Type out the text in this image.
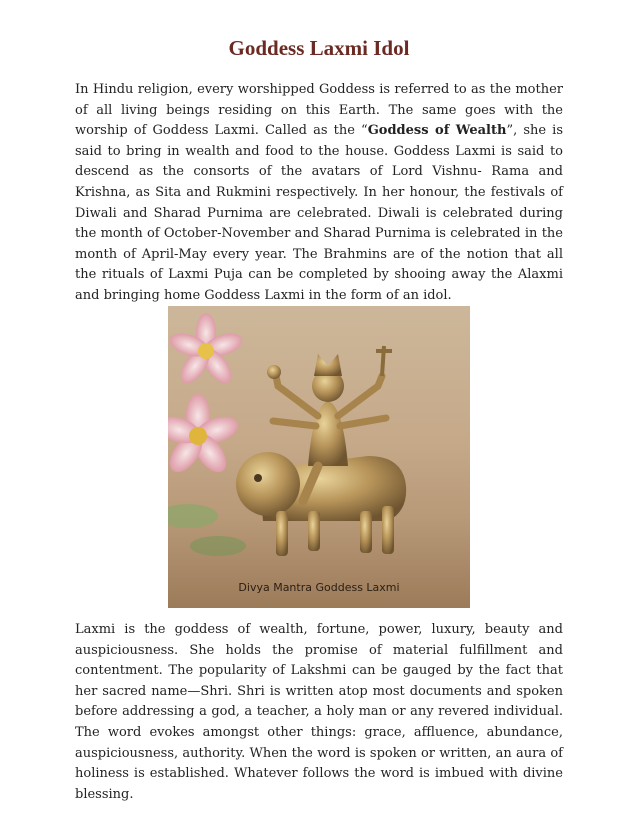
Goddess Laxmi Idol

In Hindu religion, every worshipped Goddess is referred to as the mother of all living beings residing on this Earth. The same goes with the worship of Goddess Laxmi. Called as the “Goddess of Wealth”, she is said to bring in wealth and food to the house. Goddess Laxmi is said to descend as the consorts of the avatars of Lord Vishnu- Rama and Krishna, as Sita and Rukmini respectively. In her honour, the festivals of Diwali and Sharad Purnima are celebrated. Diwali is celebrated during the month of October-November and Sharad Purnima is celebrated in the month of April-May every year. The Brahmins are of the notion that all the rituals of Laxmi Puja can be completed by shooing away the Alaxmi and bringing home Goddess Laxmi in the form of an idol.

Divya Mantra Goddess Laxmi

Laxmi is the goddess of wealth, fortune, power, luxury, beauty and auspiciousness. She holds the promise of material fulfillment and contentment. The popularity of Lakshmi can be gauged by the fact that her sacred name—Shri. Shri is written atop most documents and spoken before addressing a god, a teacher, a holy man or any revered individual. The word evokes amongst other things: grace, affluence, abundance, auspiciousness, authority. When the word is spoken or written, an aura of holiness is established. Whatever follows the word is imbued with divine blessing.
